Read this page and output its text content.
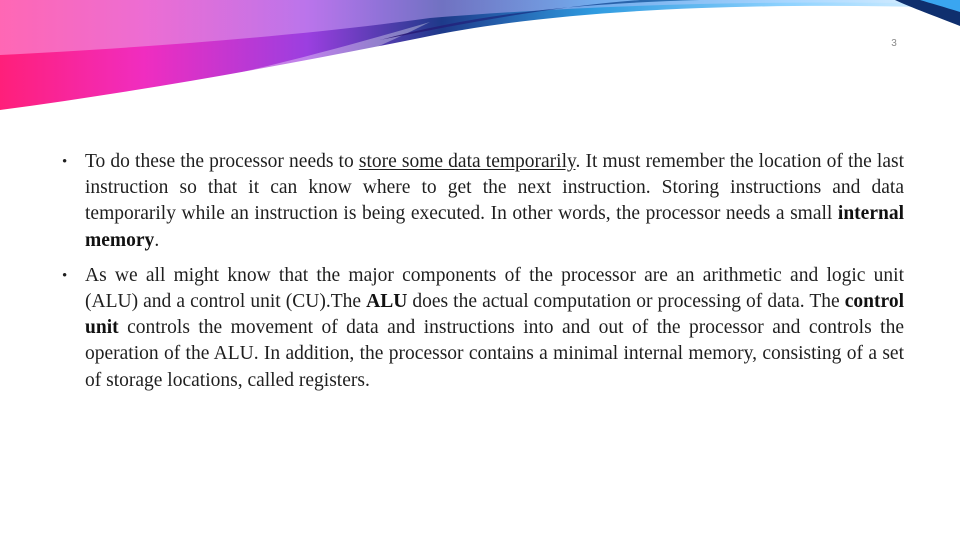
3
• To do these the processor needs to store some data temporarily. It must remember the location of the last instruction so that it can know where to get the next instruction. Storing instructions and data temporarily while an instruction is being executed. In other words, the processor needs a small internal memory.
• As we all might know that the major components of the processor are an arithmetic and logic unit (ALU) and a control unit (CU).The ALU does the actual computation or processing of data. The control unit controls the movement of data and instructions into and out of the processor and controls the operation of the ALU. In addition, the processor contains a minimal internal memory, consisting of a set of storage locations, called registers.
